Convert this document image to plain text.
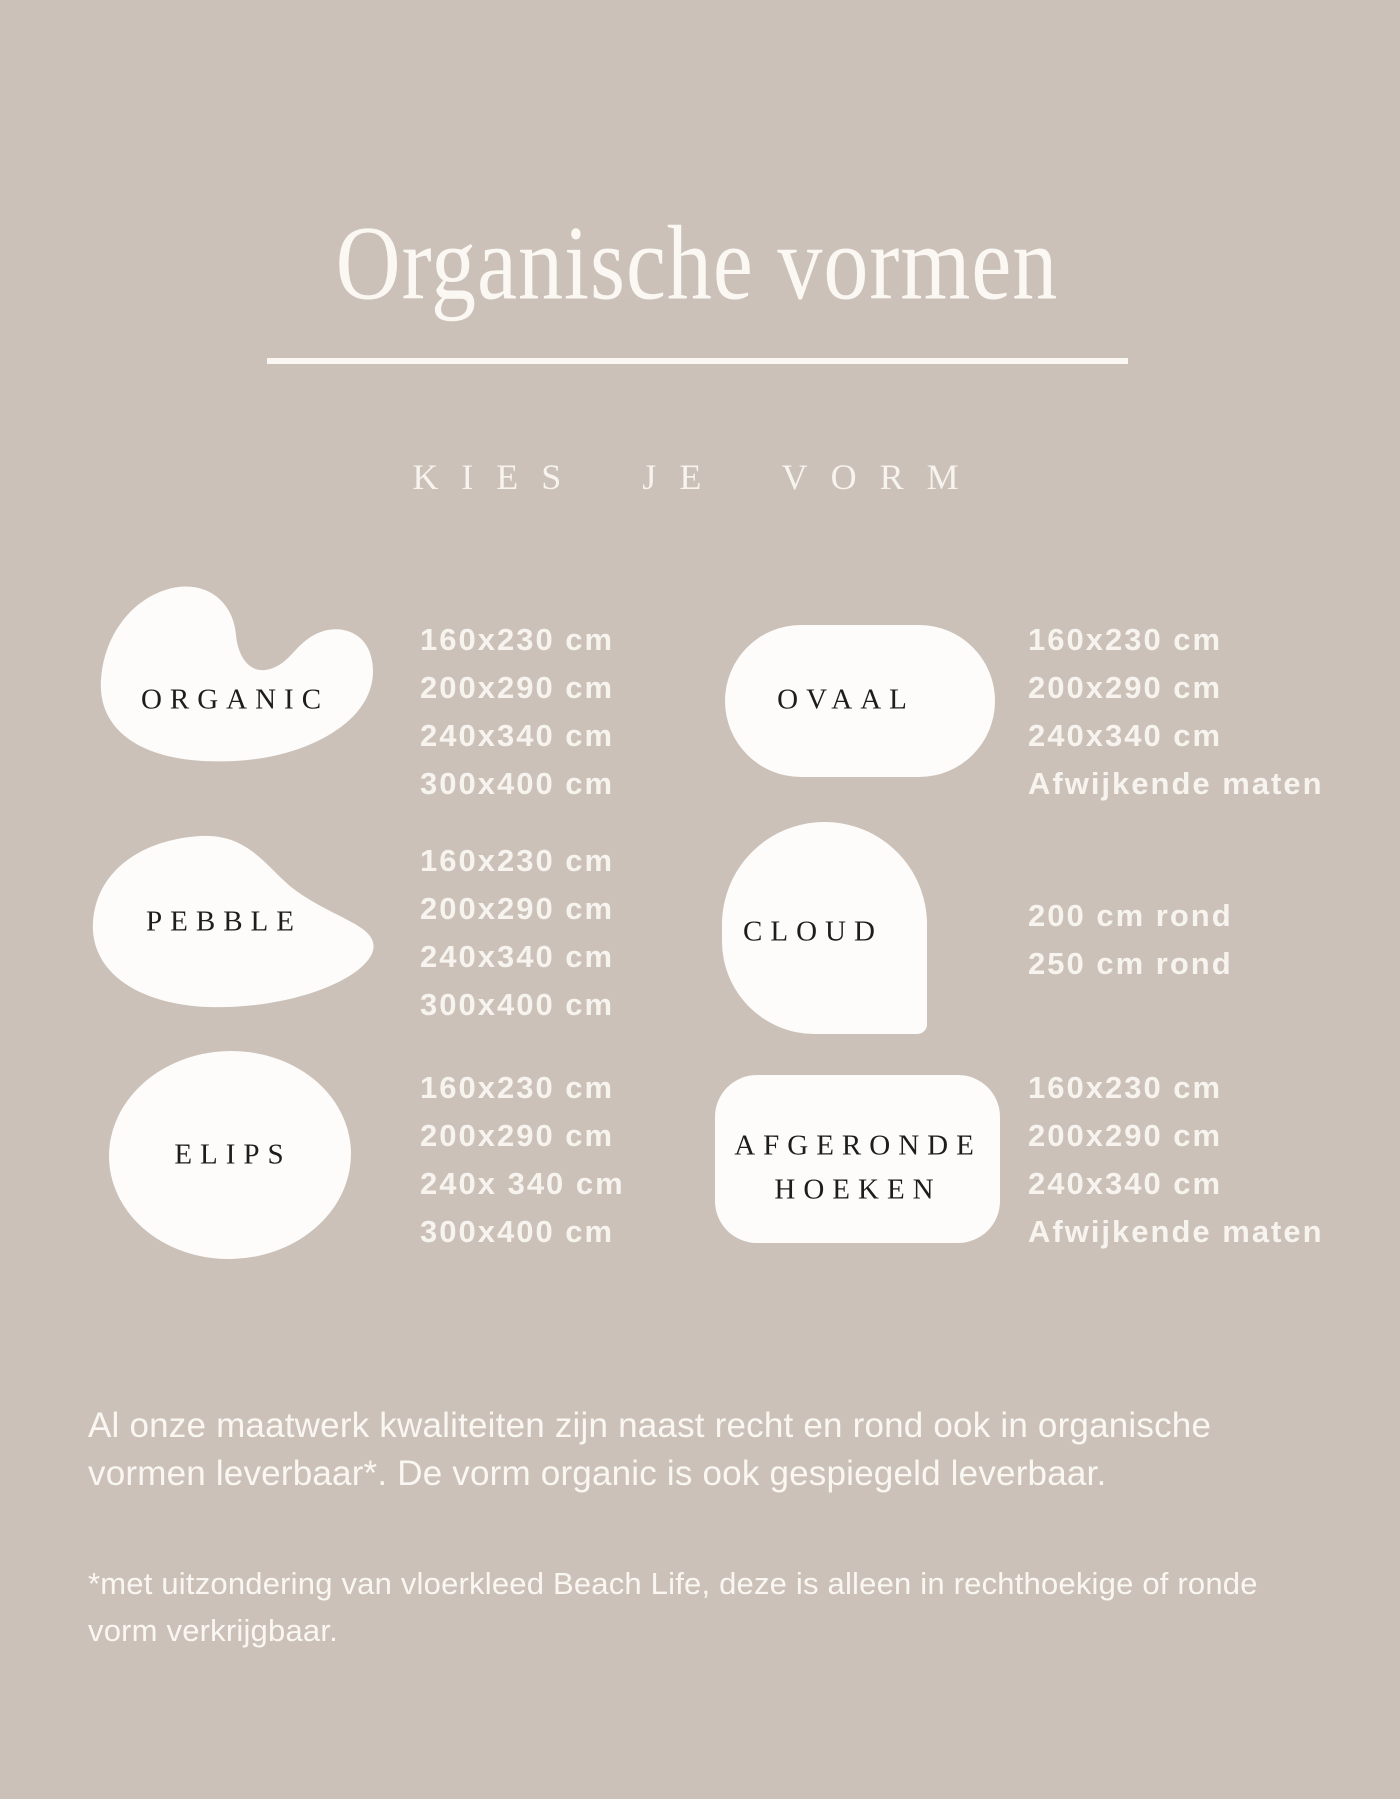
Organische vormen
KIES JE VORM
ORGANIC
160x230 cm
200x290 cm
240x340 cm
300x400 cm
OVAAL
160x230 cm
200x290 cm
240x340 cm
Afwijkende maten
PEBBLE
160x230 cm
200x290 cm
240x340 cm
300x400 cm
CLOUD	200 cm rond
250 cm rond
ELIPS
160x230 cm
200x290 cm
240x 340 cm
300x400 cm
AFGERONDE
HOEKEN
160x230 cm
200x290 cm
240x340 cm
Afwijkende maten
Al onze maatwerk kwaliteiten zijn naast recht en rond ook in organische
vormen leverbaar*. De vorm organic is ook gespiegeld leverbaar.
*met uitzondering van vloerkleed Beach Life, deze is alleen in rechthoekige of ronde
vorm verkrijgbaar.
